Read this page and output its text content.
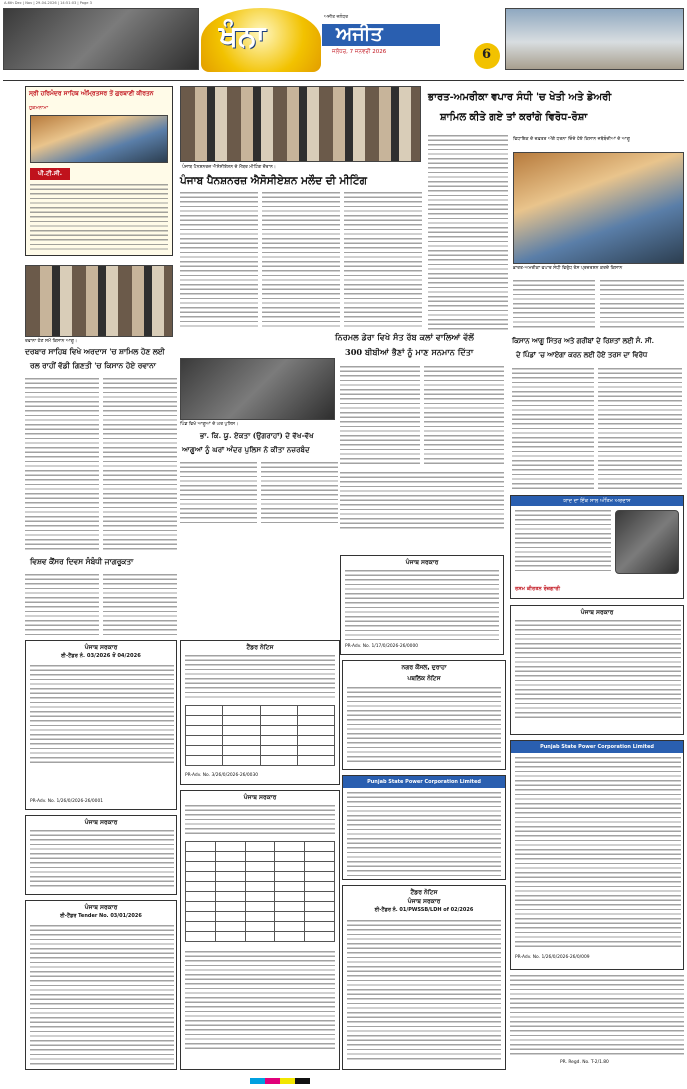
A-6th Dec | Nov | 29-04-2026 | 14:51:03 | Page 3
ਖੰਨਾ
ਅਜੀਤ ਜਲੰਧਰ
ਅਜੀਤ
ਜਲੰਧਰ, 7 ਜਨਵਰੀ 2026	6
ਸ੍ਰੀ ਹਰਿਮੰਦਰ ਸਾਹਿਬ ਅੰਮ੍ਰਿਤਸਰ ਤੋਂ ਗੁਰਬਾਣੀ ਕੀਰਤਨ
ਹੁਕਮਨਾਮਾ
ਪੀ.ਟੀ.ਸੀ.
ਪੰਜਾਬ ਪੈਨਸ਼ਨਰਜ਼ ਐਸੋਸੀਏਸ਼ਨ ਦੇ ਮੈਂਬਰ ਮੀਟਿੰਗ ਦੌਰਾਨ।
ਪੰਜਾਬ ਪੈਨਸ਼ਨਰਜ਼ ਐਸੋਸੀਏਸ਼ਨ ਮਲੌਦ ਦੀ ਮੀਟਿੰਗ
ਭਾਰਤ-ਅਮਰੀਕਾ ਵਪਾਰ ਸੰਧੀ 'ਚ ਖੇਤੀ ਅਤੇ ਡੇਅਰੀ
ਸ਼ਾਮਿਲ ਕੀਤੇ ਗਏ ਤਾਂ ਕਰਾਂਗੇ ਵਿਰੋਧ-ਰੋਸ਼ਾ
ਵਿਧਾਇਕ ਦੇ ਦਫ਼ਤਰ ਅੱਗੇ ਧਰਨਾ ਦਿੰਦੇ ਹੋਏ ਕਿਸਾਨ ਜਥੇਬੰਦੀਆਂ ਦੇ ਆਗੂ
ਭਾਰਤ-ਅਮਰੀਕਾ ਵਪਾਰ ਸੰਧੀ ਵਿਰੁੱਧ ਰੋਸ ਪ੍ਰਦਰਸ਼ਨ ਕਰਦੇ ਕਿਸਾਨ
ਰਵਾਨਾ ਹੋਣ ਸਮੇਂ ਕਿਸਾਨ ਆਗੂ।
ਦਰਬਾਰ ਸਾਹਿਬ ਵਿਖੇ ਅਰਦਾਸ 'ਚ ਸ਼ਾਮਿਲ ਹੋਣ ਲਈ
ਰਲ ਰਾਹੀਂ ਵੱਡੀ ਗਿਣਤੀ 'ਚ ਕਿਸਾਨ ਹੋਏ ਰਵਾਨਾ
ਨਿਰਮਲ ਡੇਰਾ ਵਿਖੇ ਸੰਤ ਰੱਬ ਕਲਾਂ ਵਾਲਿਆਂ ਵੱਲੋਂ
300 ਬੀਬੀਆਂ ਭੈਣਾਂ ਨੂੰ ਮਾਣ ਸਨਮਾਨ ਦਿੱਤਾ
ਕਿਸਾਨ ਆਗੂ ਮਿੱਤਰ ਅਤੇ ਗਰੀਬਾਂ ਦੇ ਰਿਸ਼ਤਾਂ ਲਈ ਸੰ. ਸੀ.
ਦੇ ਪਿੰਡਾਂ 'ਚ ਆਏਗਾ ਕਰਨ ਲਈ ਹੋਏ ਤਰਸ ਦਾ ਵਿਰੋਧ
ਪਿੰਡ ਵਿਖੇ ਆਗੂਆਂ ਦੇ ਘਰ ਪੁਲਿਸ।
ਭਾ. ਕਿ. ਯੂ. ਏਕਤਾ (ਉਗਰਾਹਾਂ) ਦੇ ਵੱਖ-ਵੱਖ
ਆਗੂਆਂ ਨੂੰ ਘਰਾਂ ਅੰਦਰ ਪੁਲਿਸ ਨੇ ਕੀਤਾ ਨਜ਼ਰਬੰਦ
ਯਾਦ ਦਾ ਇੱਕ ਸਾਲ ਅੰਤਿਮ ਅਰਦਾਸ
ਰਸਮ ਕੀਰਤਨ ਰੋਜ਼ਗਾਰੀ
ਵਿਸ਼ਵ ਕੈਂਸਰ ਦਿਵਸ ਸੰਬੰਧੀ ਜਾਗਰੂਕਤਾ	ਪੰਜਾਬ ਸਰਕਾਰ
PR-Adv. No. 1/17/0/2026-26/0000
ਪੰਜਾਬ ਸਰਕਾਰ
ਈ-ਟੈਂਡਰ ਨੰ. 03/2026 ਤੋਂ 04/2026
PR-Adv. No. 1/26/0/2026-26/0001
ਟੈਂਡਰ ਨੋਟਿਸ

PR-Adv. No. 3/26/0/2026-26/0030
ਨਗਰ ਕੌਂਸਲ, ਦੁਰਾਹਾ
ਪਬਲਿਕ ਨੋਟਿਸ
ਪੰਜਾਬ ਸਰਕਾਰ
Punjab State Power Corporation Limited
Punjab State Power Corporation Limited
PR-Adv. No. 1/26/0/2026-26/0/009
ਪੰਜਾਬ ਸਰਕਾਰ
ਪੰਜਾਬ ਸਰਕਾਰ

ਟੈਂਡਰ ਨੋਟਿਸ
ਪੰਜਾਬ ਸਰਕਾਰ
ਈ-ਟੈਂਡਰ ਨੰ. 01/PWSSB/LDH of 02/2026
ਪੰਜਾਬ ਸਰਕਾਰ
ਈ-ਟੈਂਡਰ Tender No. 03/01/2026
PR. Regd. No. T-2/1.80
